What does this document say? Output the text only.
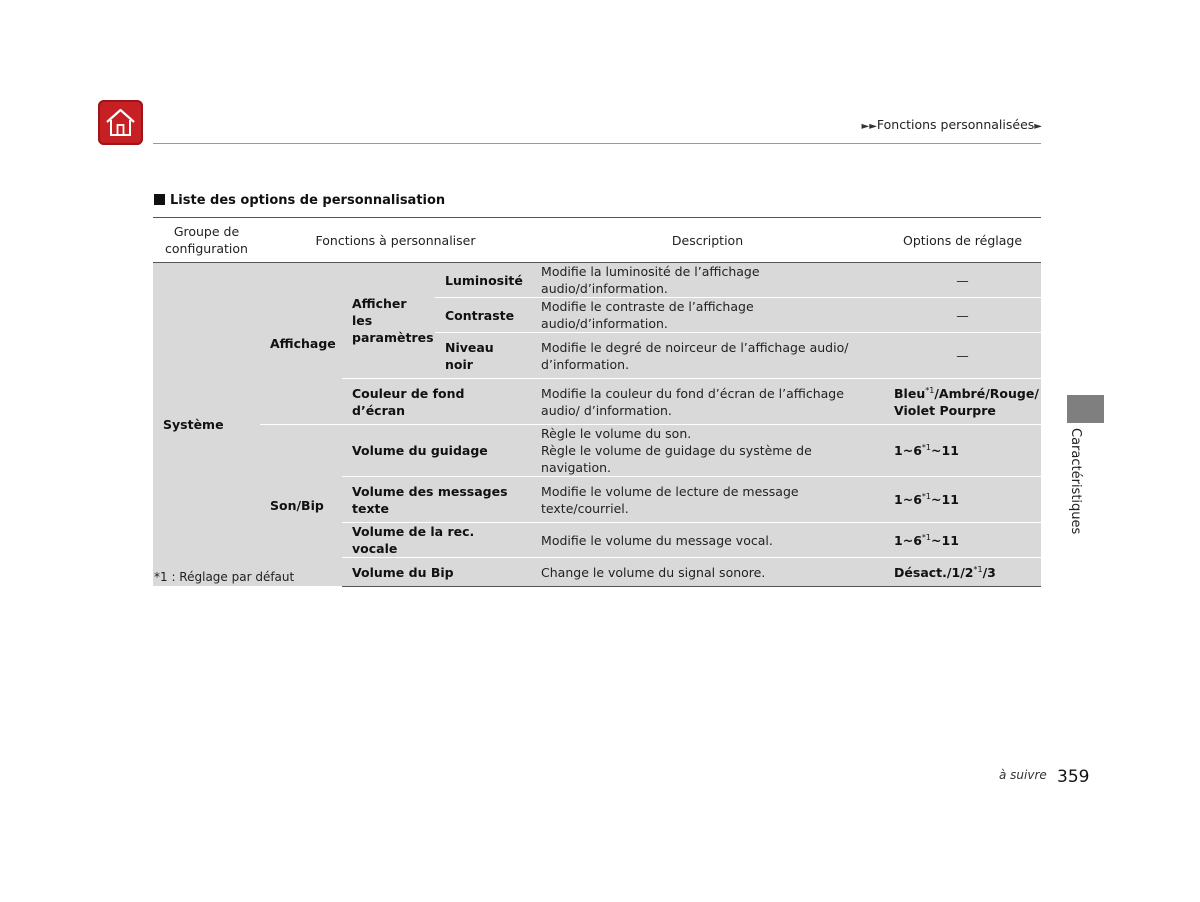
►►Fonctions personnalisées►
Liste des options de personnalisation
Groupe de configuration	Fonctions à personnaliser			Description	Options de réglage
Système	Affichage	Afficher les paramètres	Luminosité	Modifie la luminosité de l’affichage audio/d’information.	—
			Contraste	Modifie le contraste de l’affichage audio/d’information.	—
			Niveau noir	Modifie le degré de noirceur de l’affichage audio/ d’information.	—
		Couleur de fond d’écran		Modifie la couleur du fond d’écran de l’affichage audio/ d’information.	Bleu$^{*1}$/Ambré/Rouge/
Violet Pourpre
	Son/Bip	Volume du guidage		Règle le volume du son.
Règle le volume de guidage du système de navigation.	1~6$^{*1}$~11
		Volume des messages texte		Modifie le volume de lecture de message texte/courriel.	1~6$^{*1}$~11
		Volume de la rec. vocale		Modifie le volume du message vocal.	1~6$^{*1}$~11
		Volume du Bip		Change le volume du signal sonore.	Désact./1/2$^{*1}$/3
*1 : Réglage par défaut
Caractéristiques
à suivre 359
